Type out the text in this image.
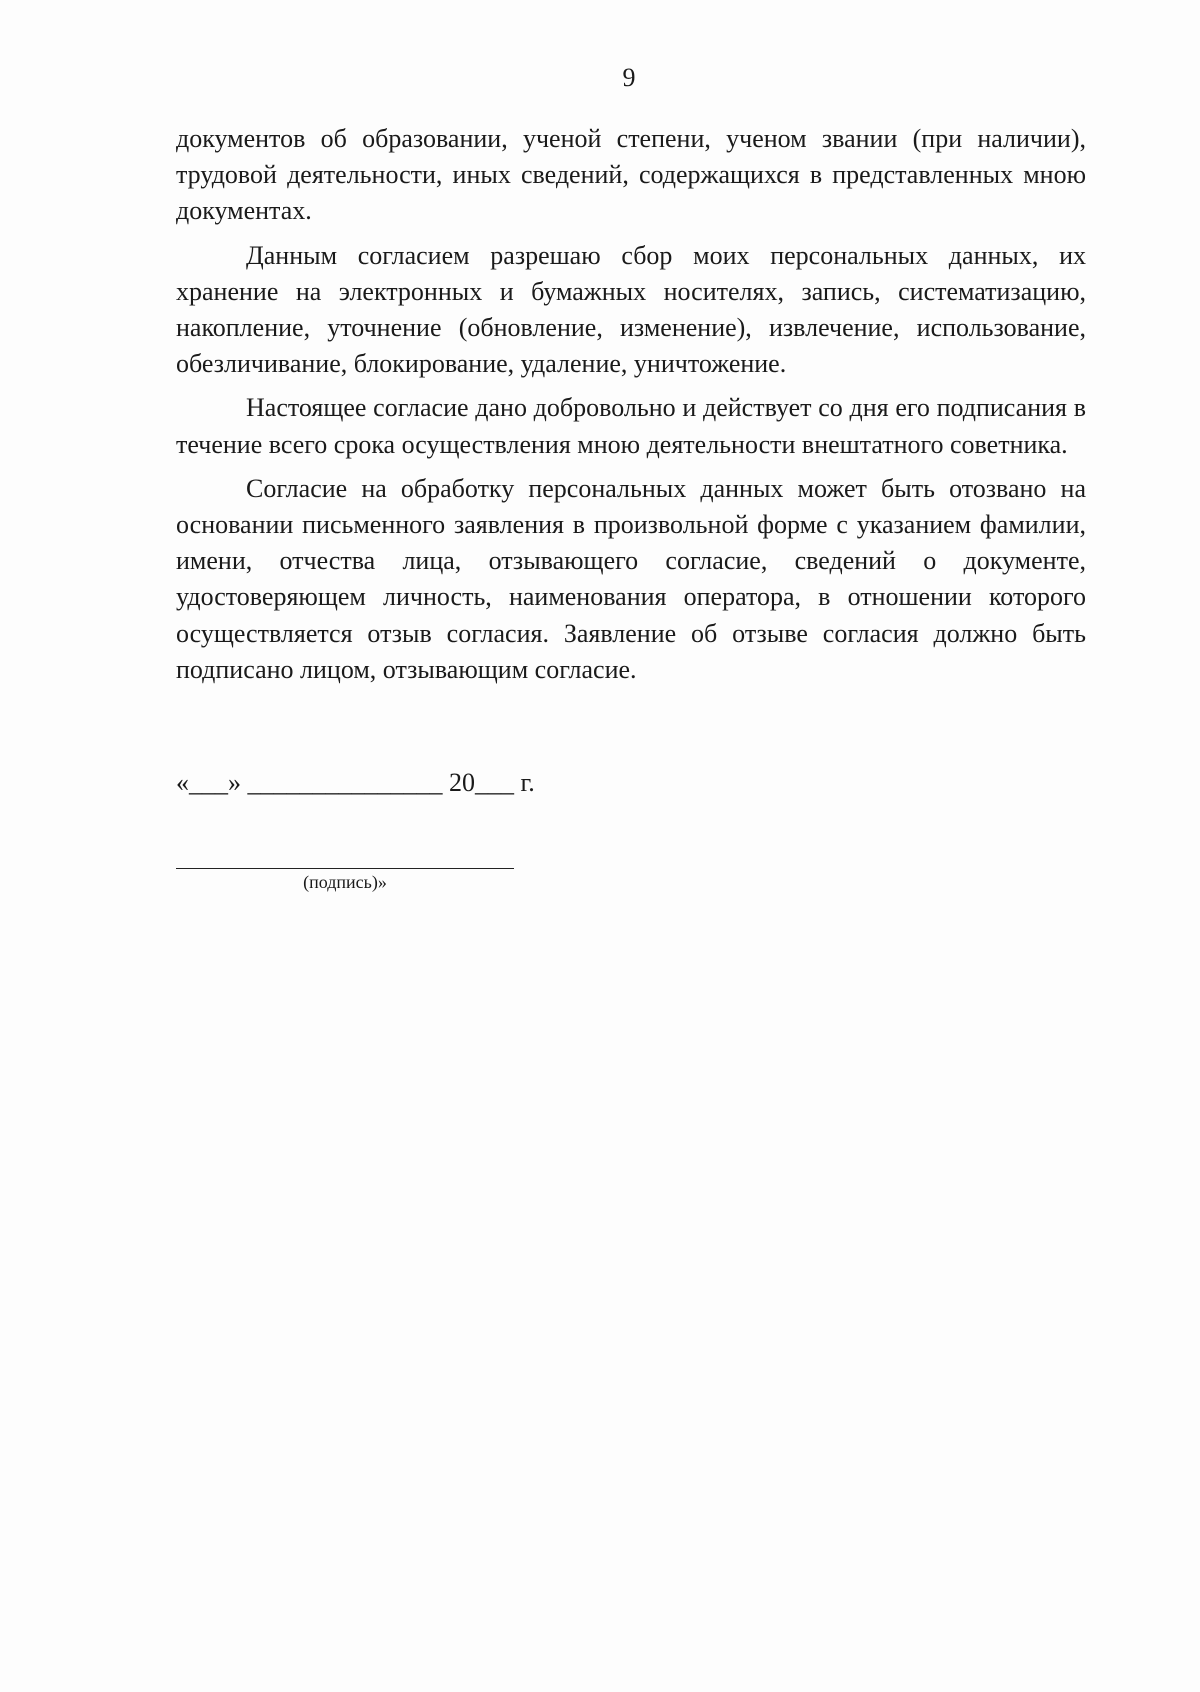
9

документов об образовании, ученой степени, ученом звании (при наличии), трудовой деятельности, иных сведений, содержащихся в представленных мною документах.

Данным согласием разрешаю сбор моих персональных данных, их хранение на электронных и бумажных носителях, запись, систематизацию, накопление, уточнение (обновление, изменение), извлечение, использование, обезличивание, блокирование, удаление, уничтожение.

Настоящее согласие дано добровольно и действует со дня его подписания в течение всего срока осуществления мною деятельности внештатного советника.

Согласие на обработку персональных данных может быть отозвано на основании письменного заявления в произвольной форме с указанием фамилии, имени, отчества лица, отзывающего согласие, сведений о документе, удостоверяющем личность, наименования оператора, в отношении которого осуществляется отзыв согласия. Заявление об отзыве согласия должно быть подписано лицом, отзывающим согласие.

«___» _______________ 20___ г.
(подпись)»
